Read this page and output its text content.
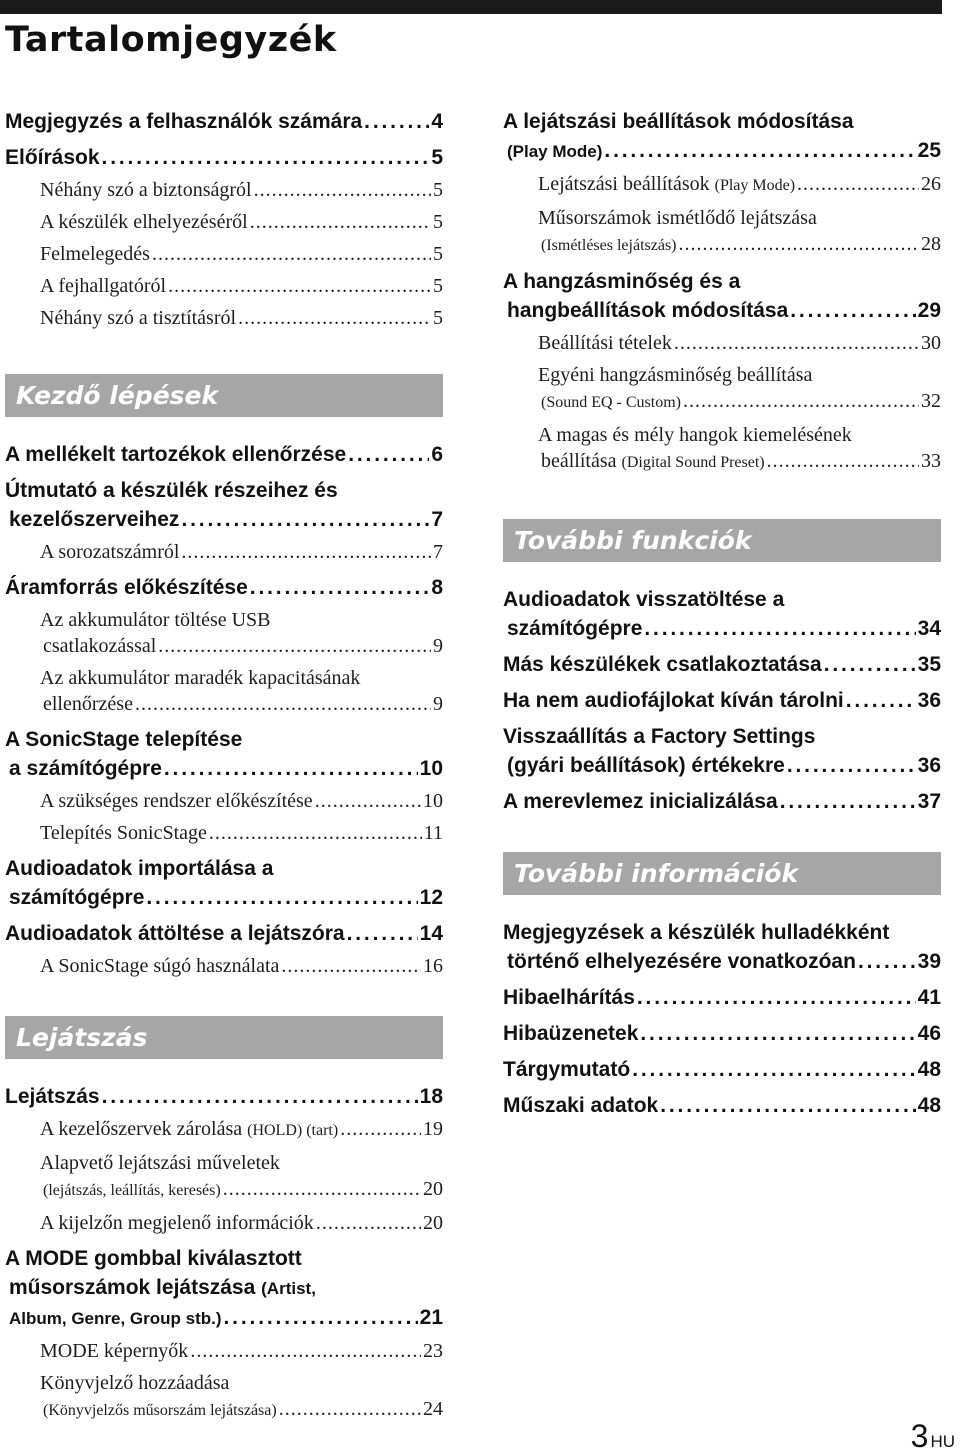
Tartalomjegyzék
Megjegyzés a felhasználók számára . . .	4
Előírások . . .	5
Néhány szó a biztonságról . . .	5
A készülék elhelyezéséről . . .	5
Felmelegedés . . .	5
A fejhallgatóról . . .	5
Néhány szó a tisztításról . . .	5
Kezdő lépések
A mellékelt tartozékok ellenőrzése . . .	6
Útmutató a készülék részeihez és
kezelőszerveihez . . .	7
A sorozatszámról . . .	7
Áramforrás előkészítése . . .	8
Az akkumulátor töltése USB
csatlakozással . . .	9
Az akkumulátor maradék kapacitásának
ellenőrzése . . .	9
A SonicStage telepítése
a számítógépre . . .	10
A szükséges rendszer előkészítése . . .	10
Telepítés SonicStage . . .	11
Audioadatok importálása a
számítógépre . . .	12
Audioadatok áttöltése a lejátszóra . . .	14
A SonicStage súgó használata . . .	16
Lejátszás
Lejátszás . . .	18
A kezelőszervek zárolása
(HOLD) (tart) . . .	19
Alapvető lejátszási műveletek
(lejátszás, leállítás, keresés) . . .	20
A kijelzőn megjelenő információk . . .	20
A MODE gombbal kiválasztott
műsorszámok lejátszása
(Artist,
Album, Genre, Group stb.) . . .	21
MODE képernyők . . .	23
Könyvjelző hozzáadása
(Könyvjelzős műsorszám lejátszása) . . .	24
A lejátszási beállítások módosítása
(Play Mode) . . .	25
Lejátszási beállítások
(Play Mode) . . .	26
Műsorszámok ismétlődő lejátszása
(Ismétléses lejátszás) . . .	28
A hangzásminőség és a
hangbeállítások módosítása . . .	29
Beállítási tételek . . .	30
Egyéni hangzásminőség beállítása
(Sound EQ - Custom) . . .	32
A magas és mély hangok kiemelésének
beállítása
(Digital Sound Preset) . . .	33
További funkciók
Audioadatok visszatöltése a
számítógépre . . .	34
Más készülékek csatlakoztatása . . .	35
Ha nem audiofájlokat kíván tárolni . . .	36
Visszaállítás a Factory Settings
(gyári beállítások) értékekre . . .	36
A merevlemez inicializálása . . .	37
További információk
Megjegyzések a készülék hulladékként
történő elhelyezésére vonatkozóan . . .	39
Hibaelhárítás . . .	41
Hibaüzenetek . . .	46
Tárgymutató . . .	48
Műszaki adatok . . .	48
3 HU
